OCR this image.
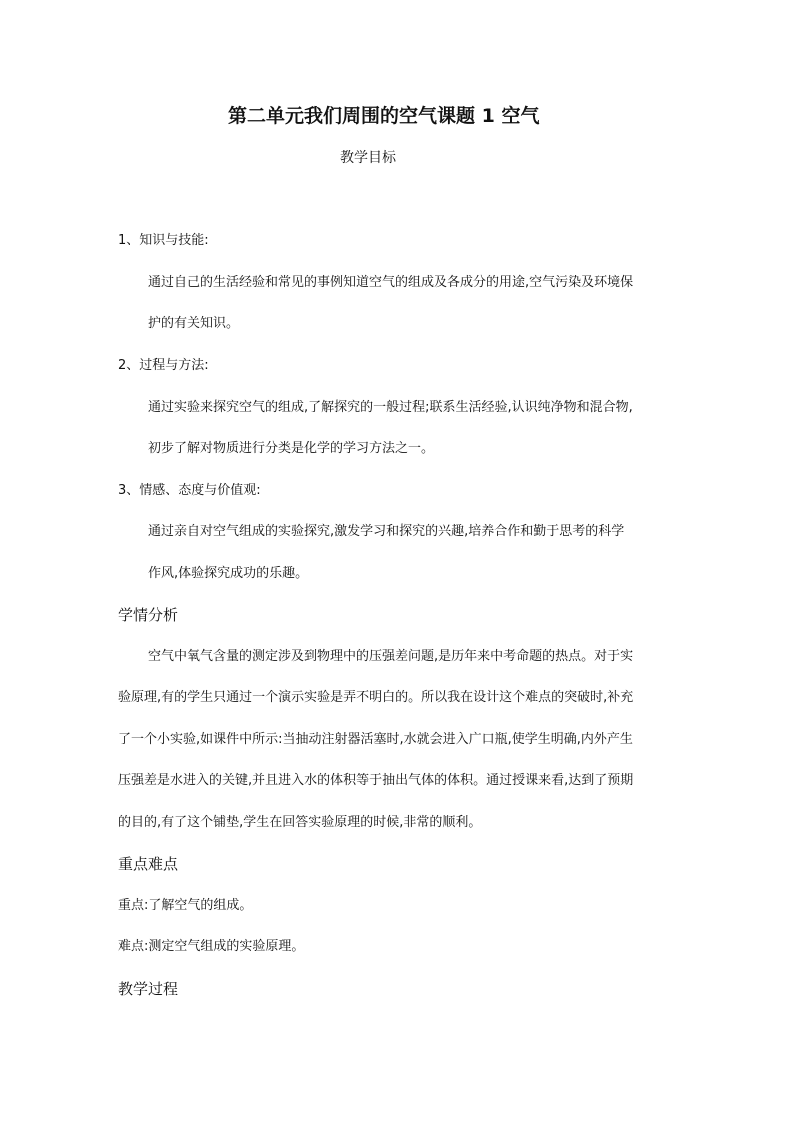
第二单元我们周围的空气课题 1 空气
教学目标
1、知识与技能:
通过自己的生活经验和常见的事例知道空气的组成及各成分的用途,空气污染及环境保
护的有关知识。
2、过程与方法:
通过实验来探究空气的组成,了解探究的一般过程;联系生活经验,认识纯净物和混合物,
初步了解对物质进行分类是化学的学习方法之一。
3、情感、态度与价值观:
通过亲自对空气组成的实验探究,激发学习和探究的兴趣,培养合作和勤于思考的科学
作风,体验探究成功的乐趣。
学情分析
空气中氧气含量的测定涉及到物理中的压强差问题,是历年来中考命题的热点。对于实
验原理,有的学生只通过一个演示实验是弄不明白的。所以我在设计这个难点的突破时,补充
了一个小实验,如课件中所示:当抽动注射器活塞时,水就会进入广口瓶,使学生明确,内外产生
压强差是水进入的关键,并且进入水的体积等于抽出气体的体积。通过授课来看,达到了预期
的目的,有了这个铺垫,学生在回答实验原理的时候,非常的顺利。
重点难点
重点:了解空气的组成。
难点:测定空气组成的实验原理。
教学过程
